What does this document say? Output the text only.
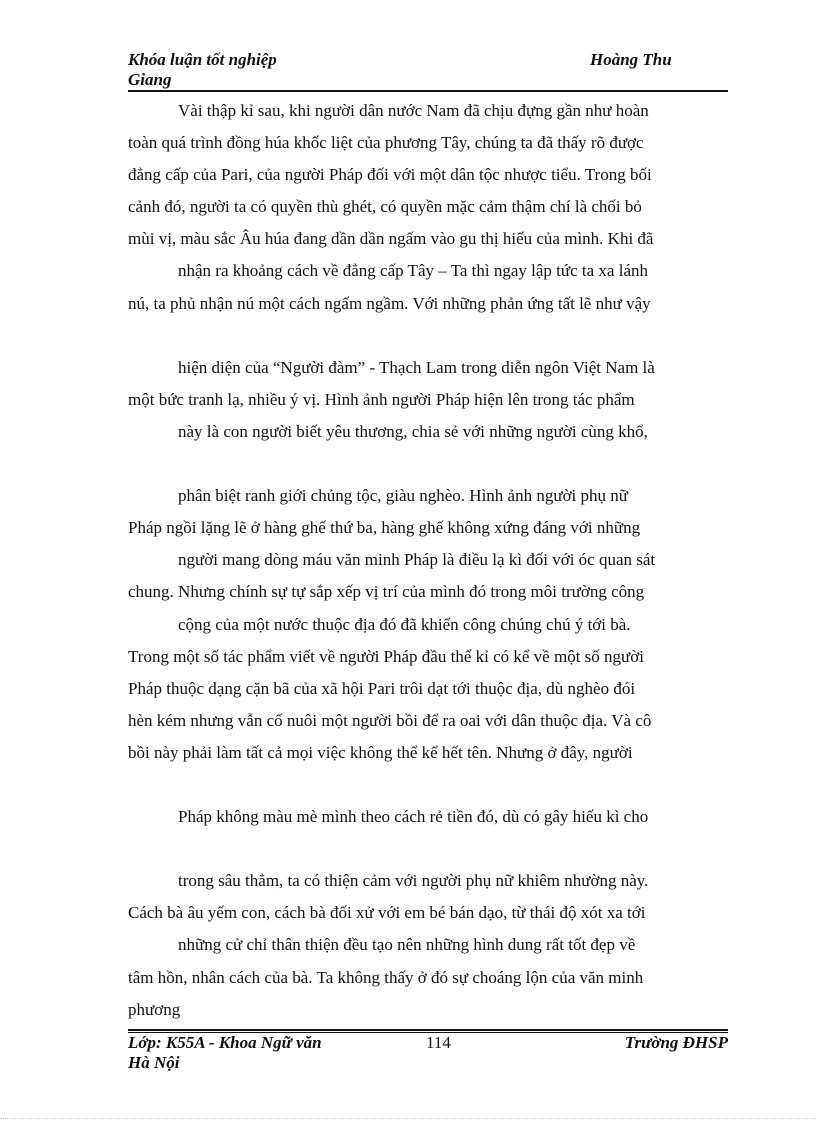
Khóa luận tốt nghiệp	Hoàng Thu
Giang
Vài thập kỉ sau, khi người dân nước Nam đã chịu đựng gần như hoàn
toàn quá trình đồng húa khốc liệt của phương Tây, chúng ta đã thấy rõ được
đẳng cấp của Pari, của người Pháp đối với một dân tộc nhược tiểu. Trong bối
cảnh đó, người ta có quyền thù ghét, có quyền mặc cảm thậm chí là chối bỏ
mùi vị, màu sắc Âu húa đang dần dần ngấm vào gu thị hiếu của mình. Khi đã
nhận ra khoảng cách về đẳng cấp Tây – Ta thì ngay lập tức ta xa lánh
nú, ta phủ nhận nú một cách ngấm ngầm. Với những phản ứng tất lẽ như vậy
hiện diện của “Người đàm” - Thạch Lam trong diễn ngôn Việt Nam là
một bức tranh lạ, nhiều ý vị. Hình ảnh người Pháp hiện lên trong tác phẩm
này là con người biết yêu thương, chia sẻ với những người cùng khổ,
phân biệt ranh giới chủng tộc, giàu nghèo. Hình ảnh người phụ nữ
Pháp ngồi lặng lẽ ở hàng ghế thứ ba, hàng ghế không xứng đáng với những
người mang dòng máu văn minh Pháp là điều lạ kì đối với óc quan sát
chung. Nhưng chính sự tự sắp xếp vị trí của mình đó trong môi trường công
cộng của một nước thuộc địa đó đã khiến công chúng chú ý tới bà.
Trong một số tác phẩm viết về người Pháp đầu thế kỉ có kể về một số người
Pháp thuộc dạng cặn bã của xã hội Pari trôi dạt tới thuộc địa, dù nghèo đói
hèn kém nhưng vẫn cố nuôi một người bồi để ra oai với dân thuộc địa. Và cô
bồi này phải làm tất cả mọi việc không thể kể hết tên. Nhưng ở đây, người
Pháp không màu mè mình theo cách rẻ tiền đó, dù có gây hiếu kì cho
trong sâu thẳm, ta có thiện cảm với người phụ nữ khiêm nhường này.
Cách bà âu yếm con, cách bà đối xử với em bé bán dạo, từ thái độ xót xa tới
những cử chỉ thân thiện đều tạo nên những hình dung rất tốt đẹp về
tâm hồn, nhân cách của bà. Ta không thấy ở đó sự choáng lộn của văn minh
phương
Lớp: K55A - Khoa Ngữ văn	114	Trường ĐHSP
Hà Nội
